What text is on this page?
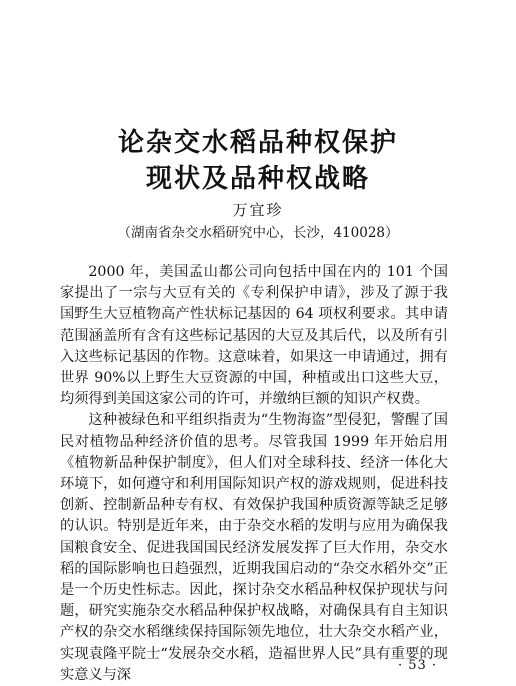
论杂交水稻品种权保护
现状及品种权战略
万宜珍
（湖南省杂交水稻研究中心，长沙，410028）

2000 年，美国孟山都公司向包括中国在内的 101 个国家提出了一宗与大豆有关的《专利保护申请》，涉及了源于我国野生大豆植物高产性状标记基因的 64 项权利要求。其申请范围涵盖所有含有这些标记基因的大豆及其后代，以及所有引入这些标记基因的作物。这意味着，如果这一申请通过，拥有世界 90%以上野生大豆资源的中国，种植或出口这些大豆，均须得到美国这家公司的许可，并缴纳巨额的知识产权费。

这种被绿色和平组织指责为“生物海盗”型侵犯，警醒了国民对植物品种经济价值的思考。尽管我国 1999 年开始启用《植物新品种保护制度》，但人们对全球科技、经济一体化大环境下，如何遵守和利用国际知识产权的游戏规则，促进科技创新、控制新品种专有权、有效保护我国种质资源等缺乏足够的认识。特别是近年来，由于杂交水稻的发明与应用为确保我国粮食安全、促进我国国民经济发展发挥了巨大作用，杂交水稻的国际影响也日趋强烈，近期我国启动的“杂交水稻外交”正是一个历史性标志。因此，探讨杂交水稻品种权保护现状与问题，研究实施杂交水稻品种保护权战略，对确保具有自主知识产权的杂交水稻继续保持国际领先地位，壮大杂交水稻产业，实现袁隆平院士“发展杂交水稻，造福世界人民”具有重要的现实意义与深

· 53 ·
